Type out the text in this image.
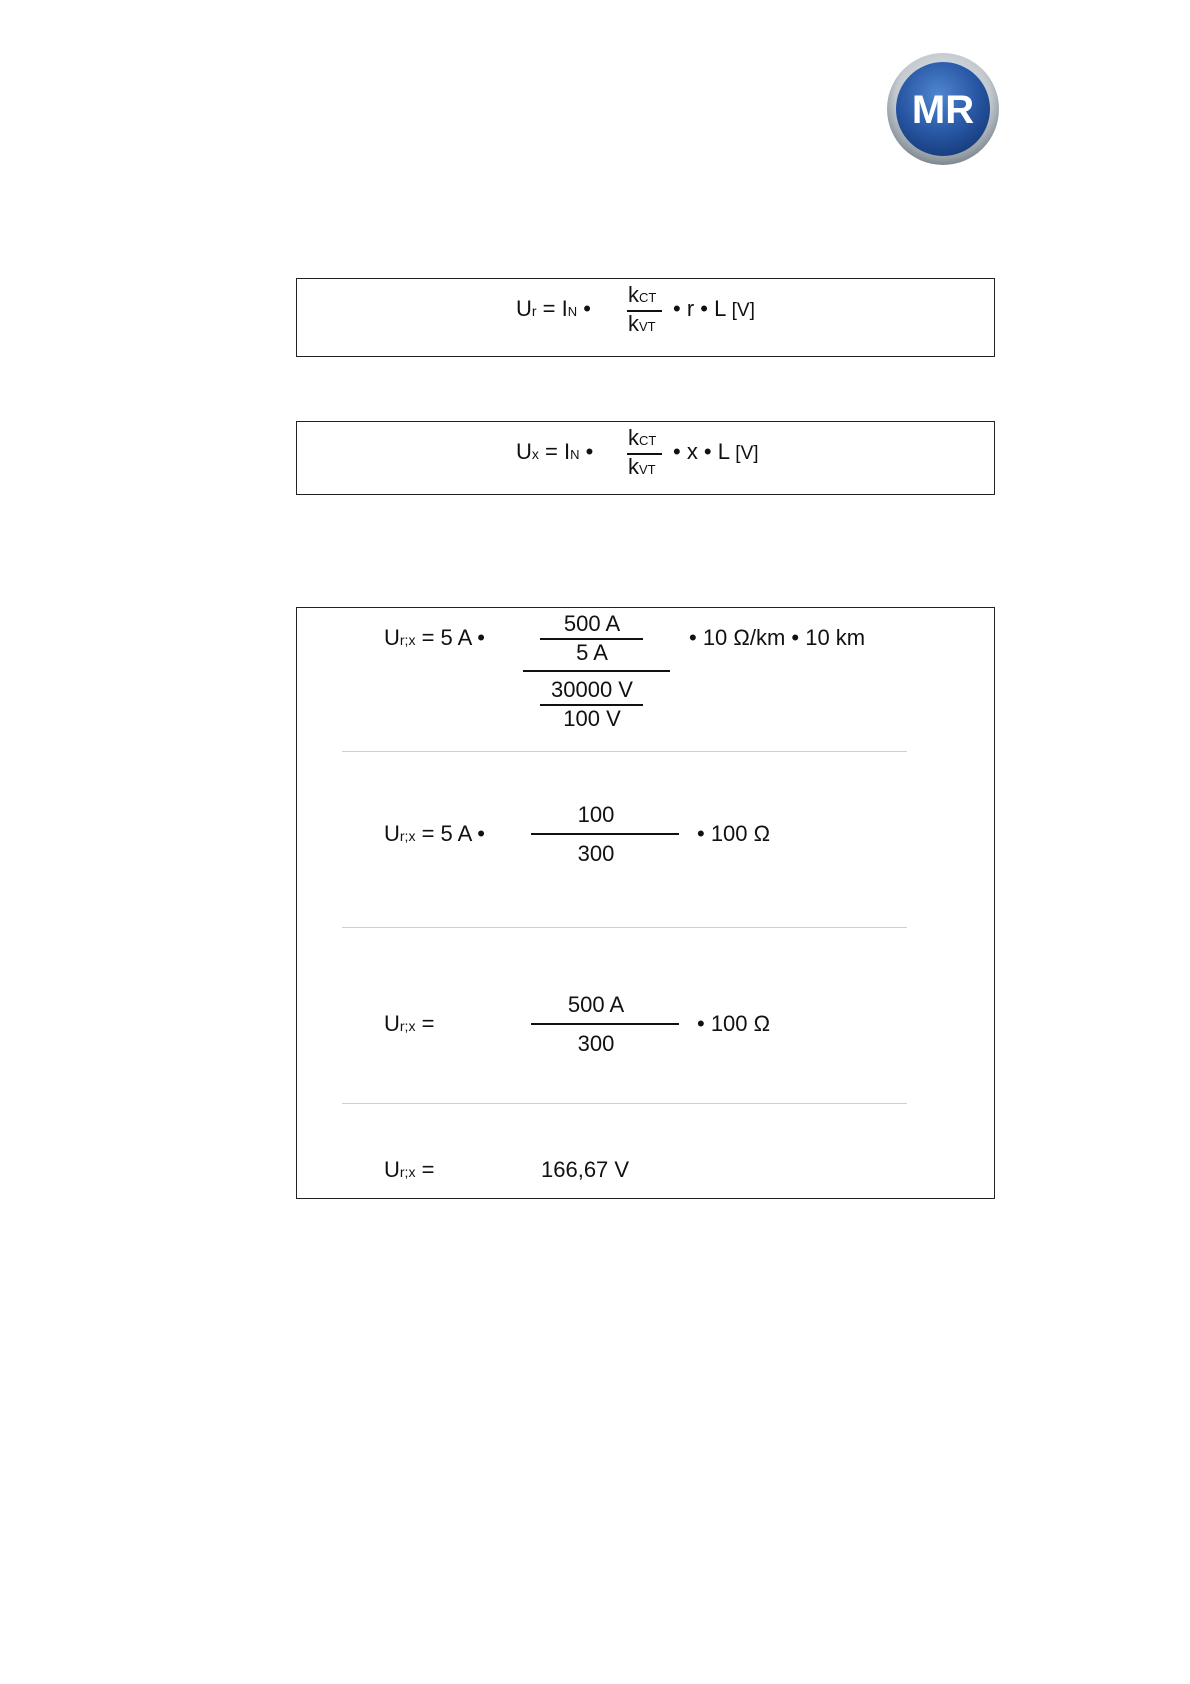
MR
Ur = IN •
kCT
kVT
• r • L [V]
Ux = IN •
kCT
kVT
• x • L [V]
Ur;x = 5 A •
500 A
5 A
30000 V
100 V
• 10 Ω/km • 10 km
Ur;x = 5 A •
100
300
• 100 Ω
Ur;x =
500 A
300
• 100 Ω
Ur;x =	166,67 V
